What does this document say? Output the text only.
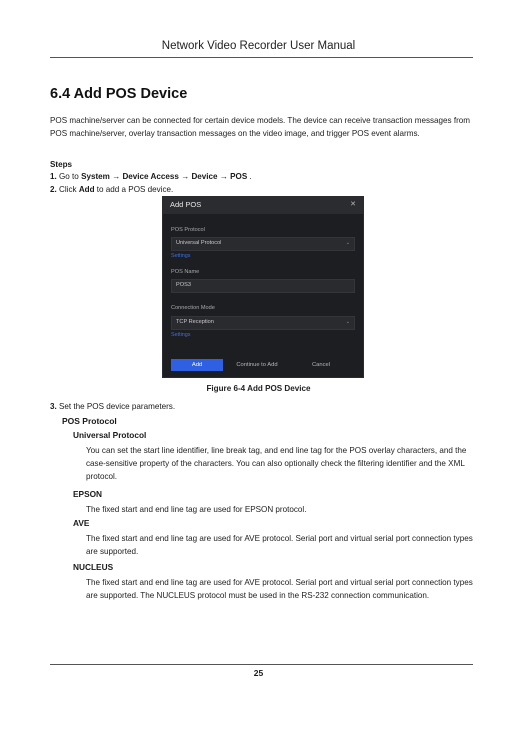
Network Video Recorder User Manual
6.4 Add POS Device
POS machine/server can be connected for certain device models. The device can receive transaction messages from POS machine/server, overlay transaction messages on the video image, and trigger POS event alarms.
Steps
1. Go to System → Device Access → Device → POS .
2. Click Add to add a POS device.
Add POS	✕
POS Protocol
Universal Protocol	⌄
Settings
POS Name
POS3
Connection Mode
TCP Reception	⌄
Settings
Add	Continue to Add	Cancel
Figure 6-4 Add POS Device
3. Set the POS device parameters.
POS Protocol
Universal Protocol
You can set the start line identifier, line break tag, and end line tag for the POS overlay characters, and the case-sensitive property of the characters. You can also optionally check the filtering identifier and the XML protocol.
EPSON
The fixed start and end line tag are used for EPSON protocol.
AVE
The fixed start and end line tag are used for AVE protocol. Serial port and virtual serial port connection types are supported.
NUCLEUS
The fixed start and end line tag are used for AVE protocol. Serial port and virtual serial port connection types are supported. The NUCLEUS protocol must be used in the RS-232 connection communication.
25
